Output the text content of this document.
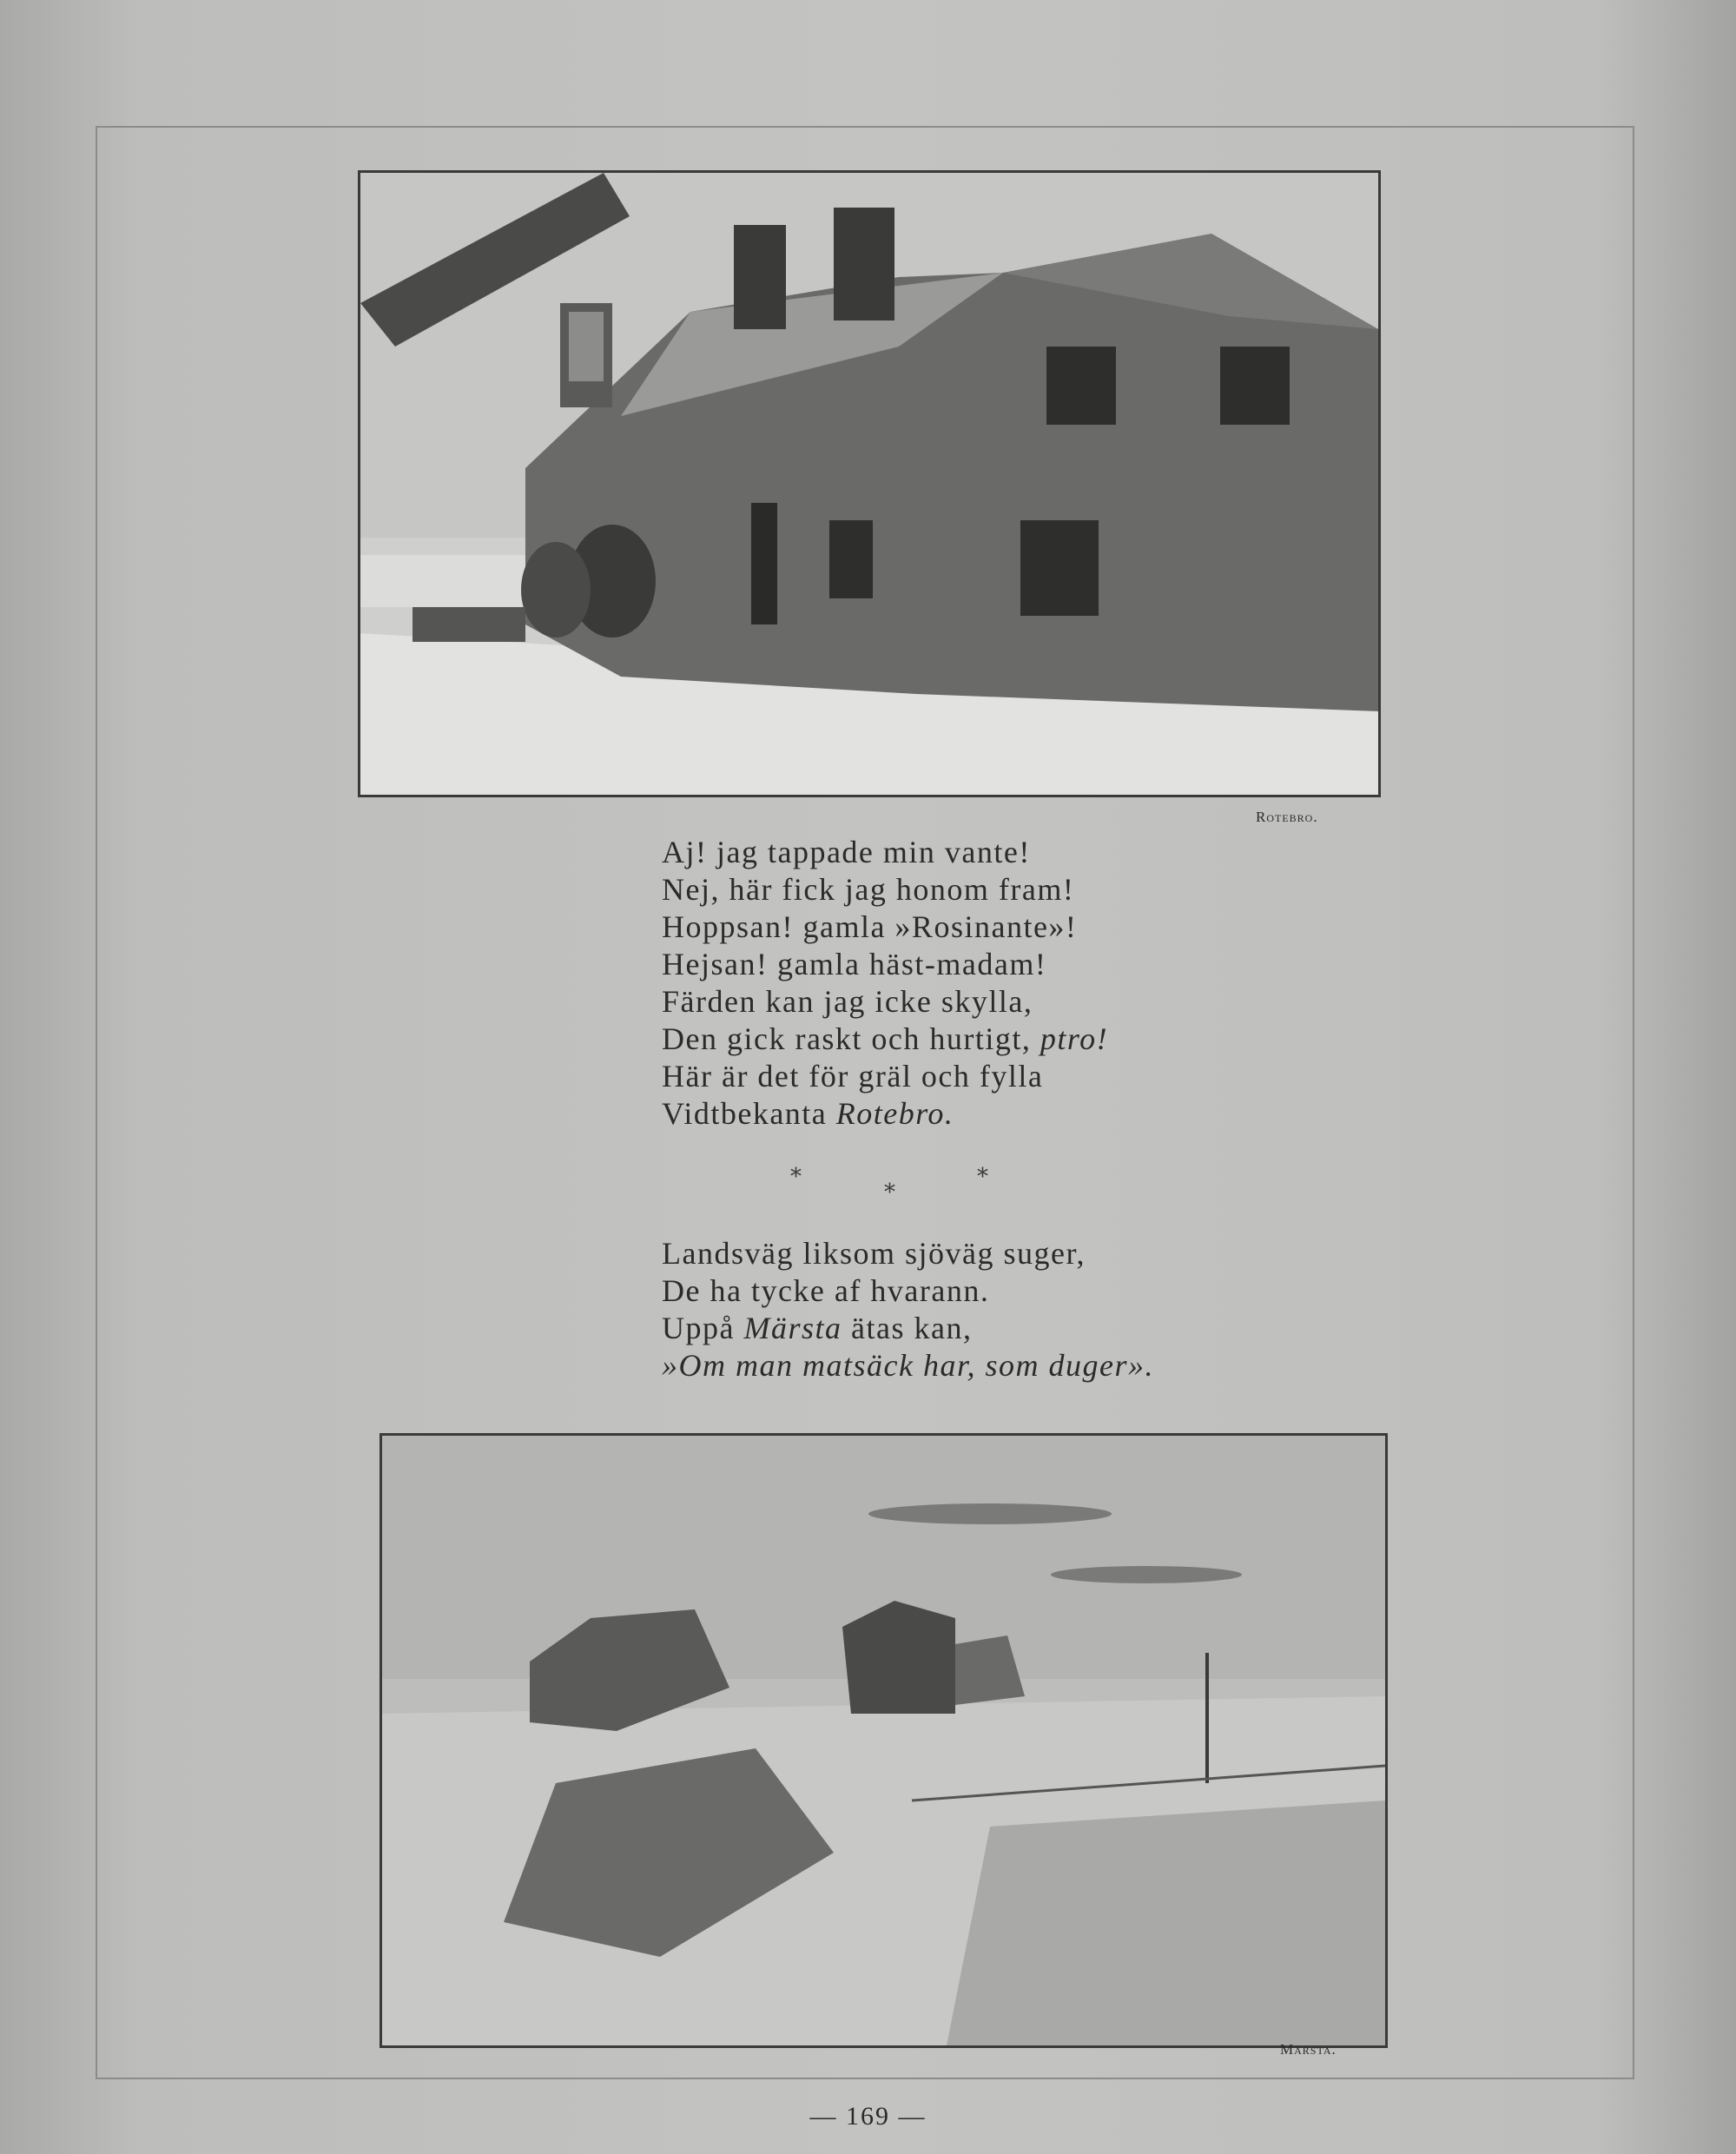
Rotebro.
Aj! jag tappade min vante!
Nej, här fick jag honom fram!
Hoppsan! gamla »Rosinante»!
Hejsan! gamla häst-madam!
Färden kan jag icke skylla,
Den gick raskt och hurtigt, ptro!
Här är det för gräl och fylla
Vidtbekanta Rotebro.
*
*
*
Landsväg liksom sjöväg suger,
De ha tycke af hvarann.
Uppå Märsta ätas kan,
»Om man matsäck har, som duger».
Märsta.
— 169 —
